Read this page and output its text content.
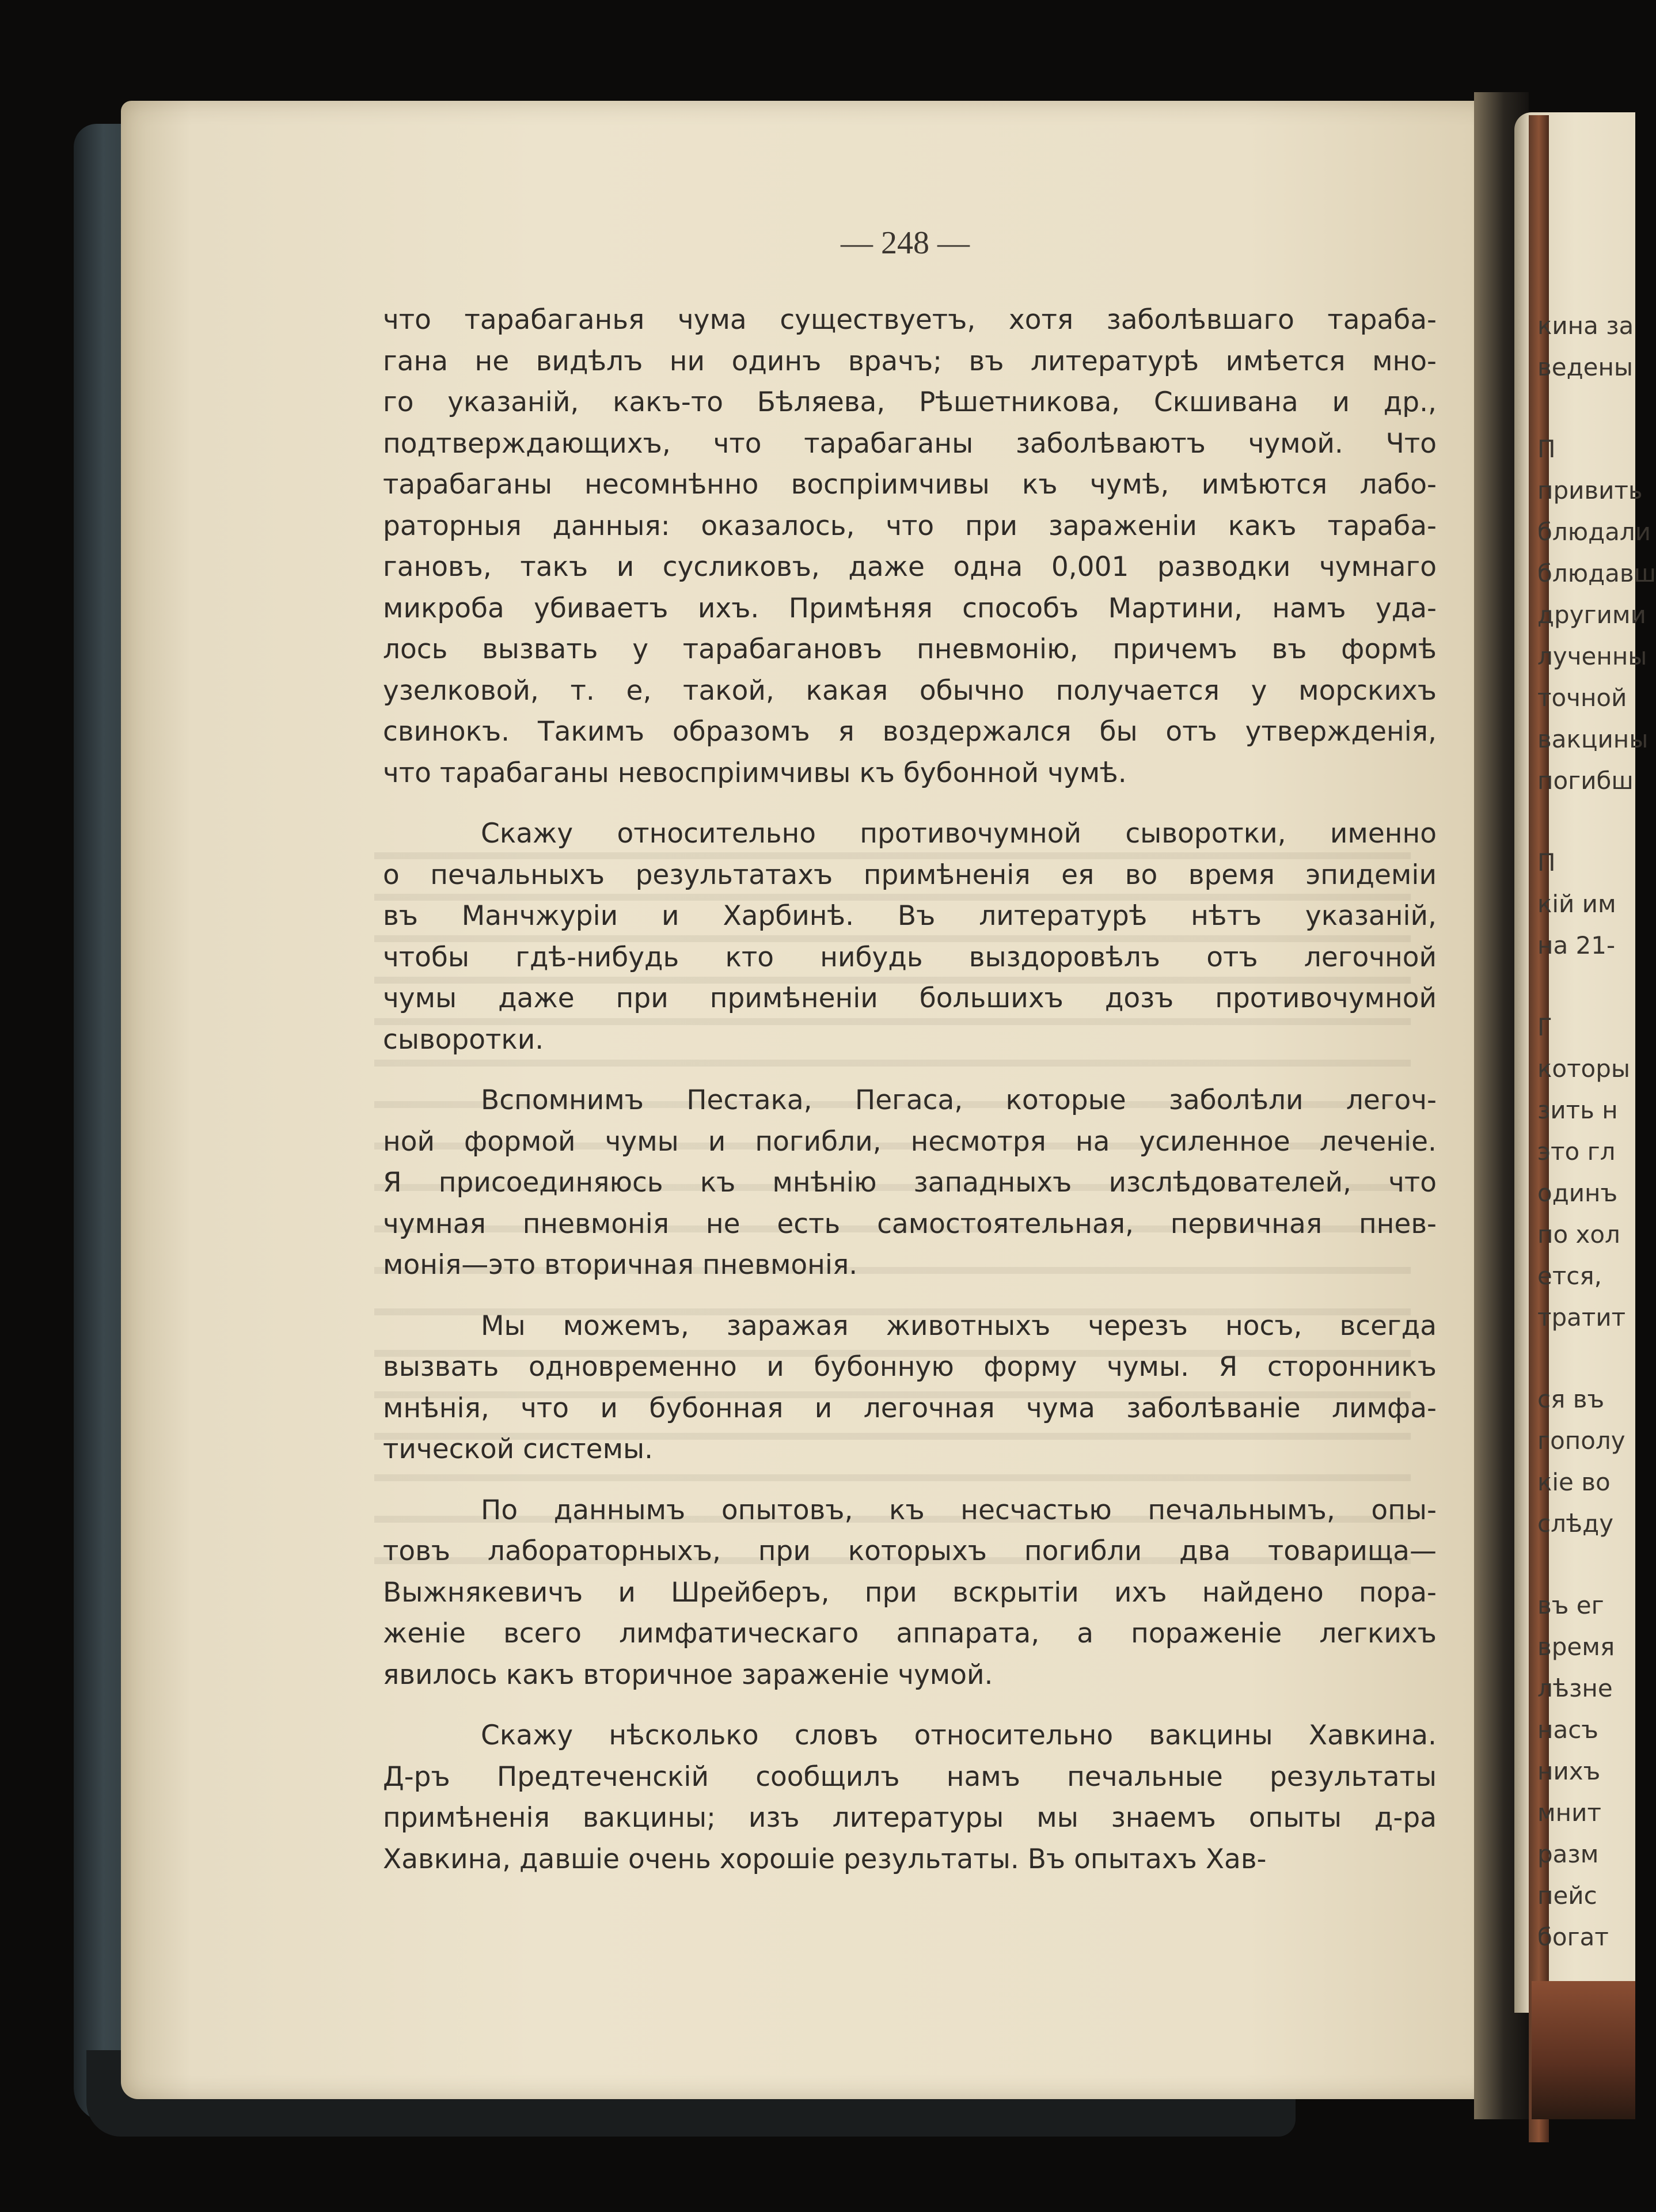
— 248 —
что тарабаганья чума существуетъ, хотя заболѣвшаго тараба-
гана не видѣлъ ни одинъ врачъ; въ литературѣ имѣется мно-
го указаній, какъ-то Бѣляева, Рѣшетникова, Скшивана и др.,
подтверждающихъ, что тарабаганы заболѣваютъ чумой. Что
тарабаганы несомнѣнно воспріимчивы къ чумѣ, имѣются лабо-
раторныя данныя: оказалось, что при зараженіи какъ тараба-
гановъ, такъ и сусликовъ, даже одна 0,001 разводки чумнаго
микроба убиваетъ ихъ. Примѣняя способъ Мартини, намъ уда-
лось вызвать у тарабагановъ пневмонію, причемъ въ формѣ
узелковой, т. е, такой, какая обычно получается у морскихъ
свинокъ. Такимъ образомъ я воздержался бы отъ утвержденія,
что тарабаганы невоспріимчивы къ бубонной чумѣ.
Скажу относительно противочумной сыворотки, именно
о печальныхъ результатахъ примѣненія ея во время эпидеміи
въ Манчжуріи и Харбинѣ. Въ литературѣ нѣтъ указаній,
чтобы гдѣ-нибудь кто нибудь выздоровѣлъ отъ легочной
чумы даже при примѣненіи большихъ дозъ противочумной
сыворотки.
Вспомнимъ Пестака, Пегаса, которые заболѣли легоч-
ной формой чумы и погибли, несмотря на усиленное леченіе.
Я присоединяюсь къ мнѣнію западныхъ изслѣдователей, что
чумная пневмонія не есть самостоятельная, первичная пнев-
монія—это вторичная пневмонія.
Мы можемъ, заражая животныхъ черезъ носъ, всегда
вызвать одновременно и бубонную форму чумы. Я сторонникъ
мнѣнія, что и бубонная и легочная чума заболѣваніе лимфа-
тической системы.
По даннымъ опытовъ, къ несчастью печальнымъ, опы-
товъ лабораторныхъ, при которыхъ погибли два товарища—
Выжнякевичъ и Шрейберъ, при вскрытіи ихъ найдено пора-
женіе всего лимфатическаго аппарата, а пораженіе легкихъ
явилось какъ вторичное зараженіе чумой.
Скажу нѣсколько словъ относительно вакцины Хавкина.
Д-ръ Предтеченскій сообщилъ намъ печальные результаты
примѣненія вакцины; изъ литературы мы знаемъ опыты д-ра
Хавкина, давшіе очень хорошіе результаты. Въ опытахъ Хав-
кина за
ведены
П
привить
блюдали
блюдавш
другими
лученны
точной
вакцины
погибш
П
кій им
на 21-
Г
которы
зить н
это гл
одинъ
по хол
ется,
тратит
ся въ
гополу
кіе во
слѣду
въ ег
время
лѣзне
насъ
нихъ
мнит
разм
пейс
богат
